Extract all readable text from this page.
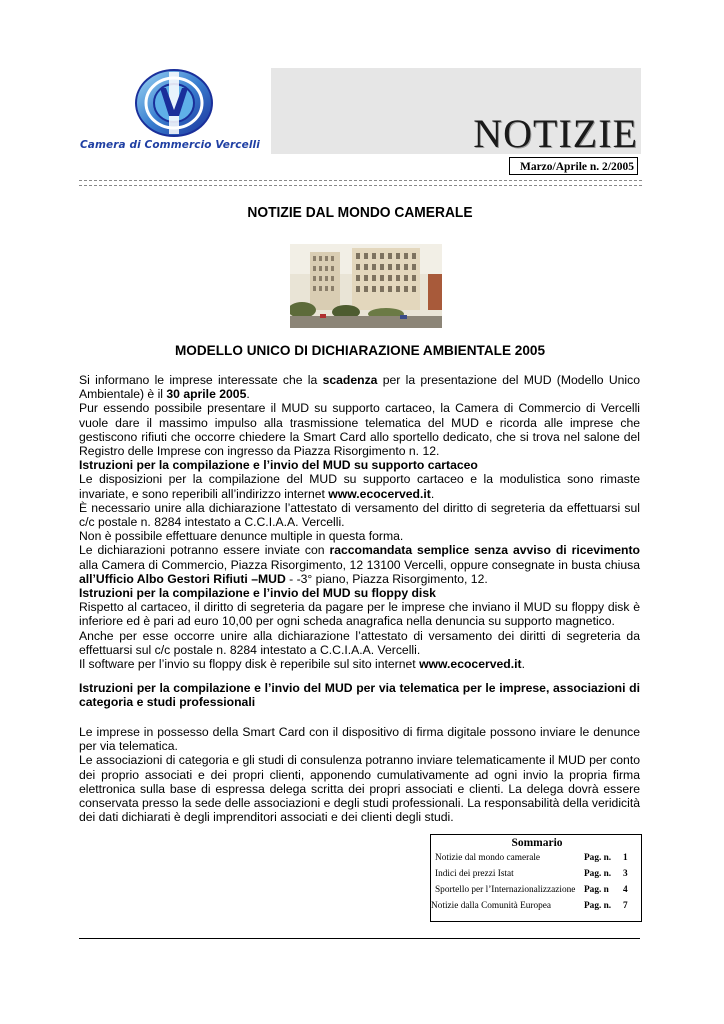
Camera di Commercio Vercelli	NOTIZIE
Marzo/Aprile n. 2/2005
NOTIZIE DAL MONDO CAMERALE
MODELLO UNICO DI DICHIARAZIONE AMBIENTALE 2005

Si informano le imprese interessate che la scadenza per la presentazione del MUD (Modello Unico Ambientale) è il 30 aprile 2005.

Pur essendo possibile presentare il MUD su supporto cartaceo, la Camera di Commercio di Vercelli vuole dare il massimo impulso alla trasmissione telematica del MUD e ricorda alle imprese che gestiscono rifiuti che occorre chiedere la Smart Card allo sportello dedicato, che si trova nel salone del Registro delle Imprese con ingresso da Piazza Risorgimento n. 12.

Istruzioni per la compilazione e l’invio del MUD su supporto cartaceo

Le disposizioni per la compilazione del MUD su supporto cartaceo e la modulistica sono rimaste invariate, e sono reperibili all’indirizzo internet www.ecocerved.it.

È necessario unire alla dichiarazione l’attestato di versamento del diritto di segreteria da effettuarsi sul c/c postale n. 8284 intestato a C.C.I.A.A. Vercelli.

Non è possibile effettuare denunce multiple in questa forma.

Le dichiarazioni potranno essere inviate con raccomandata semplice senza avviso di ricevimento alla Camera di Commercio, Piazza Risorgimento, 12 13100 Vercelli, oppure consegnate in busta chiusa all’Ufficio Albo Gestori Rifiuti –MUD - -3° piano, Piazza Risorgimento, 12.

Istruzioni per la compilazione e l’invio del MUD su floppy disk

Rispetto al cartaceo, il diritto di segreteria da pagare per le imprese che inviano il MUD su floppy disk è inferiore ed è pari ad euro 10,00 per ogni scheda anagrafica nella denuncia su supporto magnetico.

Anche per esse occorre unire alla dichiarazione l’attestato di versamento dei diritti di segreteria da effettuarsi sul c/c postale n. 8284 intestato a C.C.I.A.A. Vercelli.

Il software per l’invio su floppy disk è reperibile sul sito internet www.ecocerved.it.

Istruzioni per la compilazione e l’invio del MUD per via telematica per le imprese, associazioni di categoria e studi professionali

Le imprese in possesso della Smart Card con il dispositivo di firma digitale possono inviare le denunce per via telematica.

Le associazioni di categoria e gli studi di consulenza potranno inviare telematicamente il MUD per conto dei proprio associati e dei propri clienti, apponendo cumulativamente ad ogni invio la propria firma elettronica sulla base di espressa delega scritta dei propri associati e clienti. La delega dovrà essere conservata presso la sede delle associazioni e degli studi professionali. La responsabilità della veridicità dei dati dichiarati è degli imprenditori associati e dei clienti degli studi.

Sommario
Notizie dal mondo camerale	Pag. n. 1
Indici dei prezzi Istat	Pag. n. 3
Sportello per l’Internazionalizzazione Pag. n 4
Notizie dalla Comunità Europea	Pag. n. 7
